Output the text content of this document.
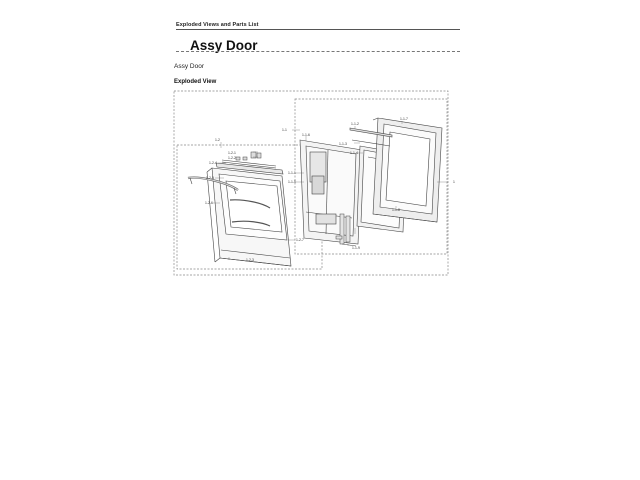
Exploded Views and Parts List
Assy Door
Assy Door
Exploded View
1
1-2
1-1
1-2-1
1-2-2
1-2-4
1-2-5
1-2-6
1-2-3
1-2-7
1-1-6
1-1-2
1-1-3
1-1-4
1-1-7
1-1-1
1-1-5
1-1-8
1-1-9
